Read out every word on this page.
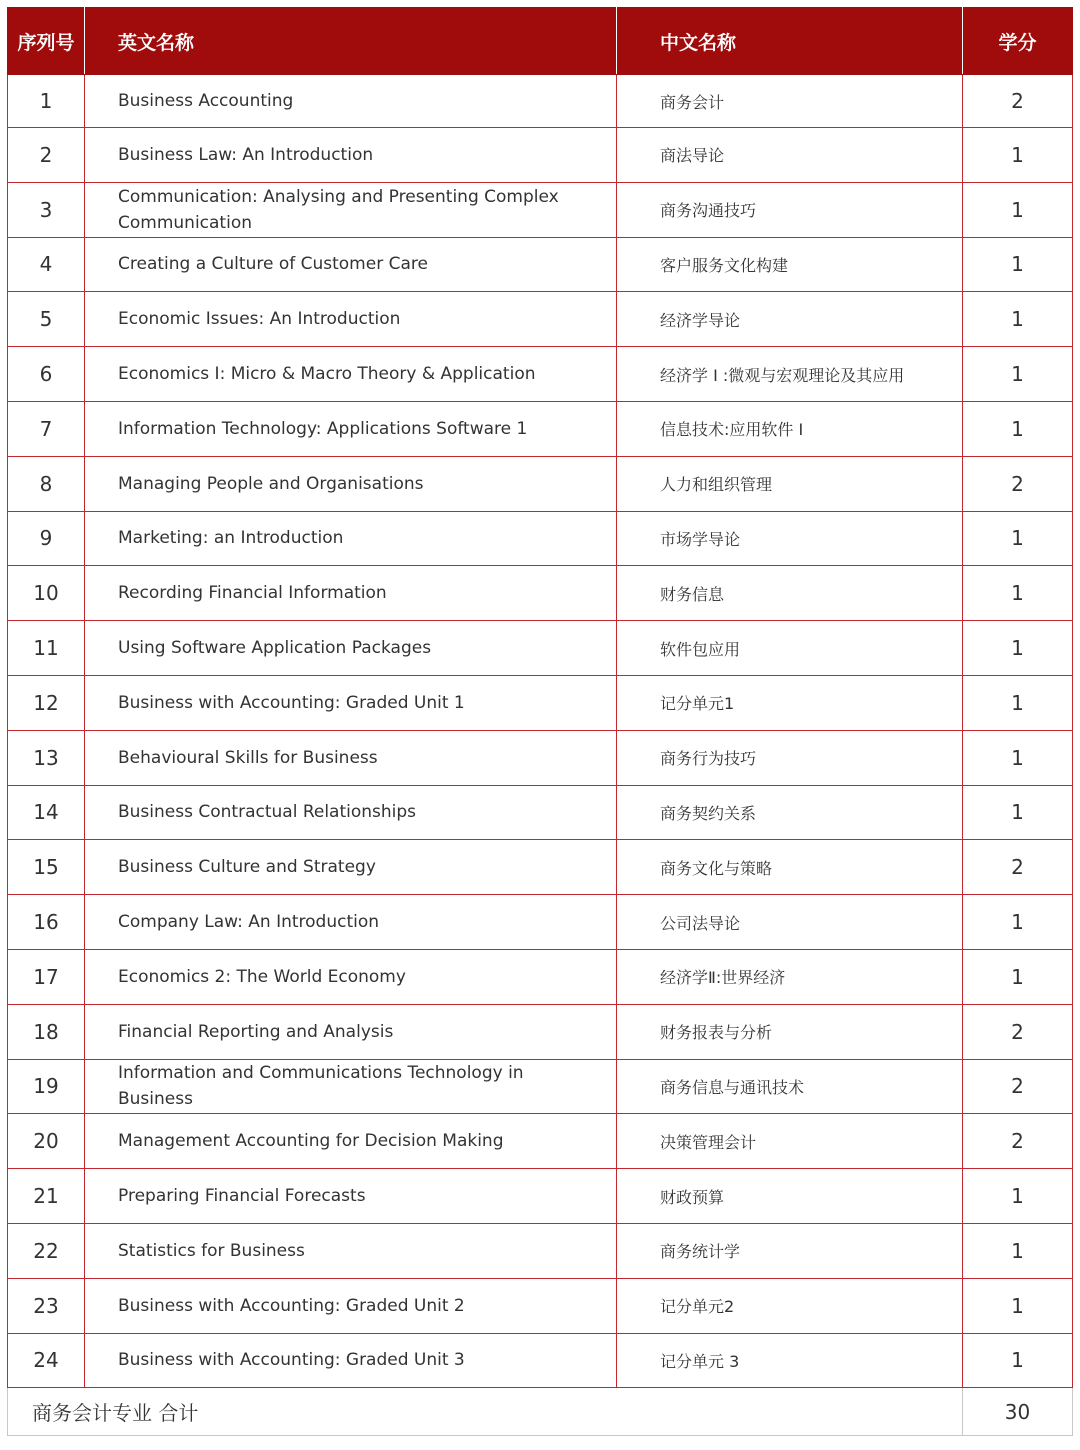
序列号	英文名称	中文名称	学分
1	Business Accounting	商务会计	2
2	Business Law: An Introduction	商法导论	1
3	Communication: Analysing and Presenting Complex Communication	商务沟通技巧	1
4	Creating a Culture of Customer Care	客户服务文化构建	1
5	Economic Issues: An Introduction	经济学导论	1
6	Economics I: Micro & Macro Theory & Application	经济学 I :微观与宏观理论及其应用	1
7	Information Technology: Applications Software 1	信息技术:应用软件 I	1
8	Managing People and Organisations	人力和组织管理	2
9	Marketing: an Introduction	市场学导论	1
10	Recording Financial Information	财务信息	1
11	Using Software Application Packages	软件包应用	1
12	Business with Accounting: Graded Unit 1	记分单元1	1
13	Behavioural Skills for Business	商务行为技巧	1
14	Business Contractual Relationships	商务契约关系	1
15	Business Culture and Strategy	商务文化与策略	2
16	Company Law: An Introduction	公司法导论	1
17	Economics 2: The World Economy	经济学Ⅱ:世界经济	1
18	Financial Reporting and Analysis	财务报表与分析	2
19	Information and Communications Technology in Business	商务信息与通讯技术	2
20	Management Accounting for Decision Making	决策管理会计	2
21	Preparing Financial Forecasts	财政预算	1
22	Statistics for Business	商务统计学	1
23	Business with Accounting: Graded Unit 2	记分单元2	1
24	Business with Accounting: Graded Unit 3	记分单元 3	1
商务会计专业 合计			30
